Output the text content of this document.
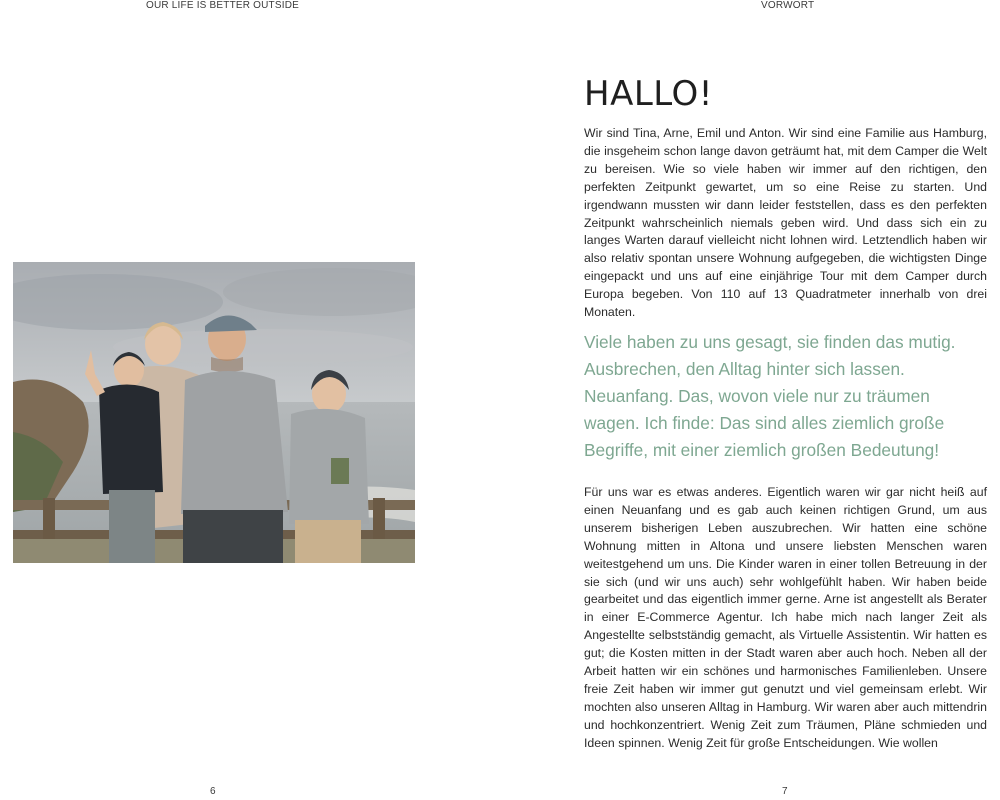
OUR LIFE IS BETTER OUTSIDE	VORWORT
HALLO!

Wir sind Tina, Arne, Emil und Anton. Wir sind eine Familie aus Hamburg, die insgeheim schon lange davon geträumt hat, mit dem Camper die Welt zu bereisen. Wie so viele haben wir immer auf den richtigen, den perfekten Zeitpunkt gewartet, um so eine Reise zu starten. Und irgendwann mussten wir dann leider feststellen, dass es den perfekten Zeitpunkt wahrscheinlich niemals geben wird. Und dass sich ein zu langes Warten darauf vielleicht nicht lohnen wird. Letztendlich haben wir also relativ spontan unsere Wohnung aufgegeben, die wichtigsten Dinge eingepackt und uns auf eine einjährige Tour mit dem Camper durch Europa begeben. Von 110 auf 13 Quadratmeter innerhalb von drei Monaten.

Viele haben zu uns gesagt, sie finden das mutig. Ausbrechen, den Alltag hinter sich lassen. Neuanfang. Das, wovon viele nur zu träumen wagen. Ich finde: Das sind alles ziemlich große Begriffe, mit einer ziemlich großen Bedeutung!

Für uns war es etwas anderes. Eigentlich waren wir gar nicht heiß auf einen Neuanfang und es gab auch keinen richtigen Grund, um aus unserem bisherigen Leben auszubrechen. Wir hatten eine schöne Wohnung mitten in Altona und unsere liebsten Menschen waren weitestgehend um uns. Die Kinder waren in einer tollen Betreuung in der sie sich (und wir uns auch) sehr wohlgefühlt haben. Wir haben beide gearbeitet und das eigentlich immer gerne. Arne ist angestellt als Berater in einer E-Commerce Agentur. Ich habe mich nach langer Zeit als Angestellte selbstständig gemacht, als Virtuelle Assistentin. Wir hatten es gut; die Kosten mitten in der Stadt waren aber auch hoch. Neben all der Arbeit hatten wir ein schönes und harmonisches Familienleben. Unsere freie Zeit haben wir immer gut genutzt und viel gemeinsam erlebt. Wir mochten also unseren Alltag in Hamburg. Wir waren aber auch mittendrin und hochkonzentriert. Wenig Zeit zum Träumen, Pläne schmieden und Ideen spinnen. Wenig Zeit für große Entscheidungen. Wie wollen

6	7
